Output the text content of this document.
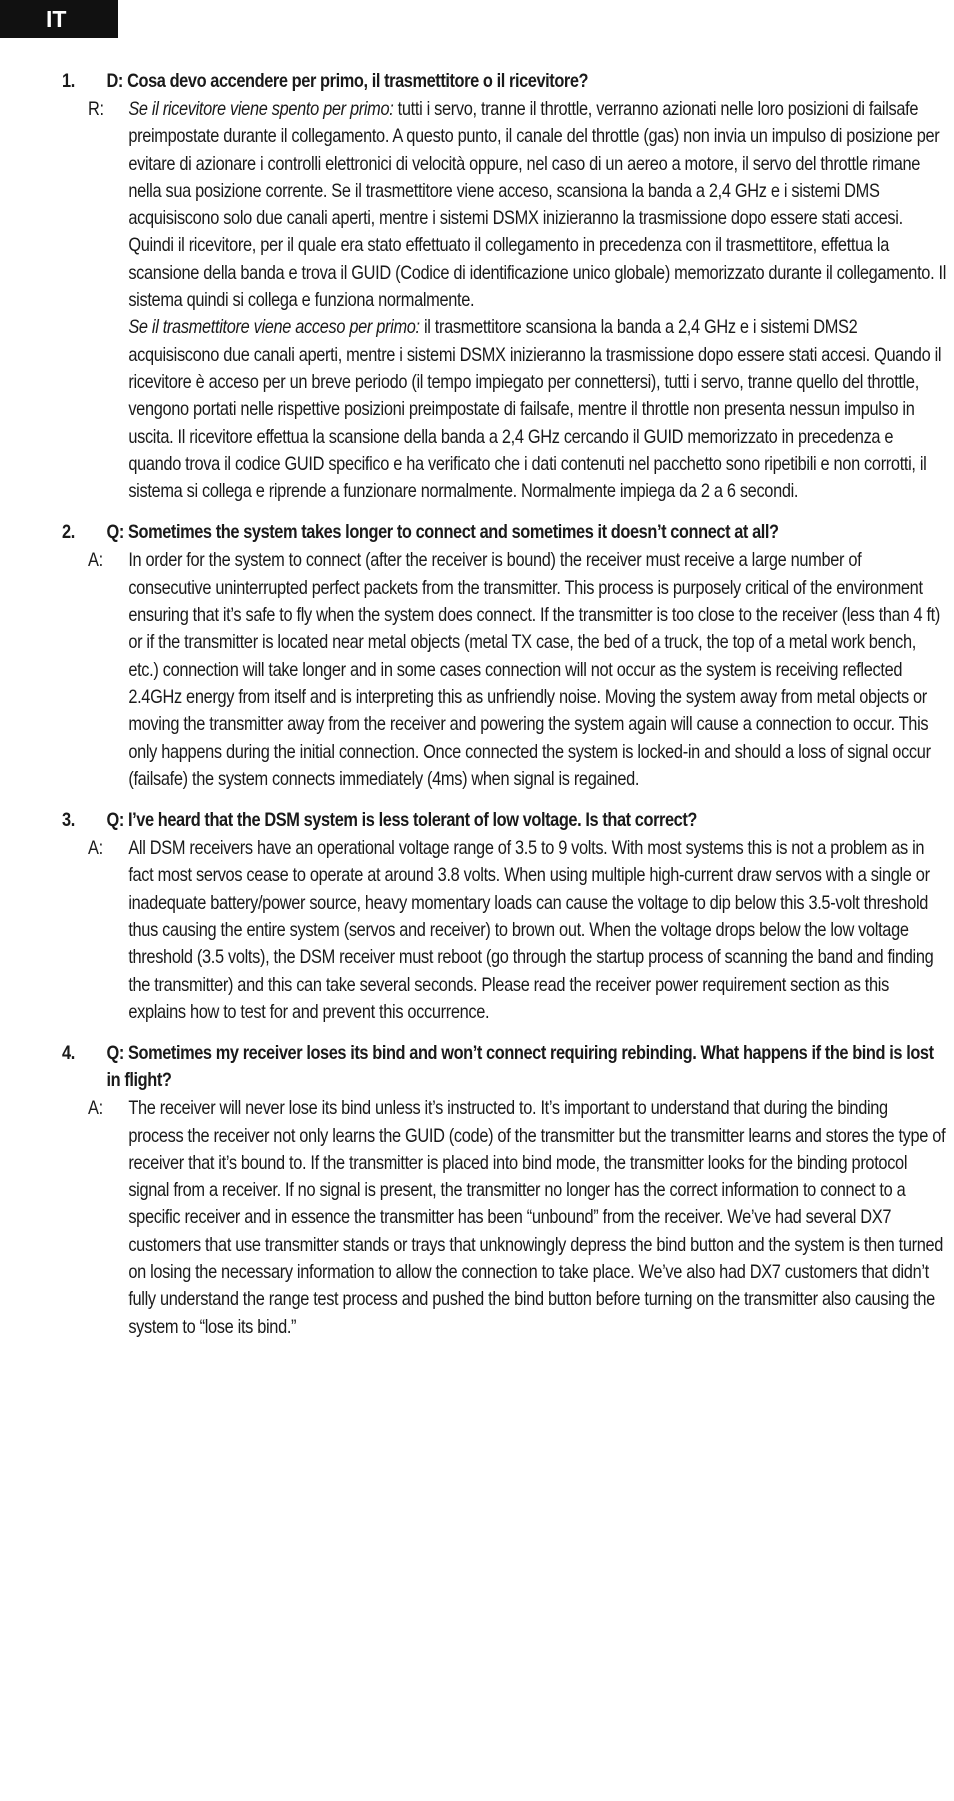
IT
1.	D: Cosa devo accendere per primo, il trasmettitore o il ricevitore?
R: Se il ricevitore viene spento per primo: tutti i servo, tranne il throttle, verranno azionati nelle loro posizioni di failsafe preimpostate durante il collegamento. A questo punto, il canale del throttle (gas) non invia un impulso di posizione per evitare di azionare i controlli elettronici di velocità oppure, nel caso di un aereo a motore, il servo del throttle rimane nella sua posizione corrente. Se il trasmettitore viene acceso, scansiona la banda a 2,4 GHz e i sistemi DMS acquisiscono solo due canali aperti, mentre i sistemi DSMX inizieranno la trasmissione dopo essere stati accesi. Quindi il ricevitore, per il quale era stato effettuato il collegamento in precedenza con il trasmettitore, effettua la scansione della banda e trova il GUID (Codice di identificazione unico globale) memorizzato durante il collegamento. Il sistema quindi si collega e funziona normalmente.

Se il trasmettitore viene acceso per primo: il trasmettitore scansiona la banda a 2,4 GHz e i sistemi DMS2 acquisiscono due canali aperti, mentre i sistemi DSMX inizieranno la trasmissione dopo essere stati accesi. Quando il ricevitore è acceso per un breve periodo (il tempo impiegato per connettersi), tutti i servo, tranne quello del throttle, vengono portati nelle rispettive posizioni preimpostate di failsafe, mentre il throttle non presenta nessun impulso in uscita. Il ricevitore effettua la scansione della banda a 2,4 GHz cercando il GUID memorizzato in precedenza e quando trova il codice GUID specifico e ha verificato che i dati contenuti nel pacchetto sono ripetibili e non corrotti, il sistema si collega e riprende a funzionare normalmente. Normalmente impiega da 2 a 6 secondi.

2.	Q: Sometimes the system takes longer to connect and sometimes it doesn’t connect at all?
A: In order for the system to connect (after the receiver is bound) the receiver must receive a large number of consecutive uninterrupted perfect packets from the transmitter. This process is purposely critical of the environment ensuring that it’s safe to fly when the system does connect. If the transmitter is too close to the receiver (less than 4 ft) or if the transmitter is located near metal objects (metal TX case, the bed of a truck, the top of a metal work bench, etc.) connection will take longer and in some cases connection will not occur as the system is receiving reflected 2.4GHz energy from itself and is interpreting this as unfriendly noise. Moving the system away from metal objects or moving the transmitter away from the receiver and powering the system again will cause a connection to occur. This only happens during the initial connection. Once connected the system is locked-in and should a loss of signal occur (failsafe) the system connects immediately (4ms) when signal is regained.

3.	Q: I’ve heard that the DSM system is less tolerant of low voltage. Is that correct?
A: All DSM receivers have an operational voltage range of 3.5 to 9 volts. With most systems this is not a problem as in fact most servos cease to operate at around 3.8 volts. When using multiple high-current draw servos with a single or inadequate battery/power source, heavy momentary loads can cause the voltage to dip below this 3.5-volt threshold thus causing the entire system (servos and receiver) to brown out. When the voltage drops below the low voltage threshold (3.5 volts), the DSM receiver must reboot (go through the startup process of scanning the band and finding the transmitter) and this can take several seconds. Please read the receiver power requirement section as this explains how to test for and prevent this occurrence.

4.	Q: Sometimes my receiver loses its bind and won’t connect requiring rebinding. What happens if the bind is lost in flight?
A: The receiver will never lose its bind unless it’s instructed to. It’s important to understand that during the binding process the receiver not only learns the GUID (code) of the transmitter but the transmitter learns and stores the type of receiver that it’s bound to. If the transmitter is placed into bind mode, the transmitter looks for the binding protocol signal from a receiver. If no signal is present, the transmitter no longer has the correct information to connect to a specific receiver and in essence the transmitter has been “unbound” from the receiver. We’ve had several DX7 customers that use transmitter stands or trays that unknowingly depress the bind button and the system is then turned on losing the necessary information to allow the connection to take place. We’ve also had DX7 customers that didn’t fully understand the range test process and pushed the bind button before turning on the transmitter also causing the system to “lose its bind.”
